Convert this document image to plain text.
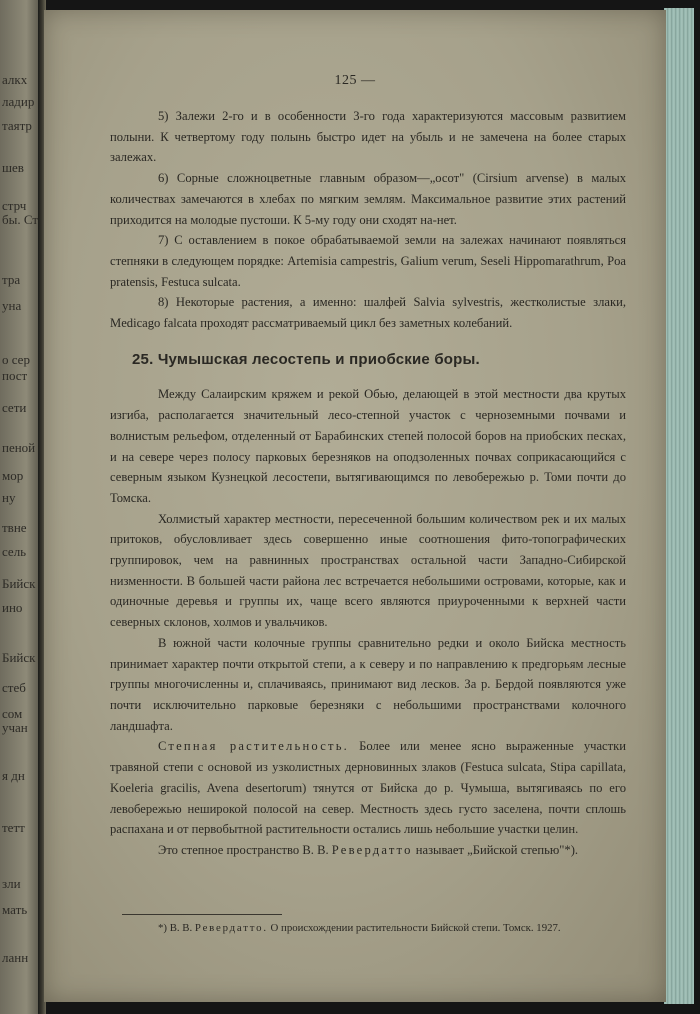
алкх
ладир
таятр
шев
стрч
бы. Ст
тра
уна
о сер
пост
сети
пеной
мор
ну
твне
сель
Бийск
ино
Бийск
стеб
сом
учан
я дн
тетт
зли
мать
ланн
125 —

5) Залежи 2-го и в особенности 3-го года характеризуются массовым развитием полыни. К четвертому году полынь быстро идет на убыль и не замечена на более старых залежах.

6) Сорные сложноцветные главным образом—„осот" (Cirsium arvense) в малых количествах замечаются в хлебах по мягким землям. Максимальное развитие этих растений приходится на молодые пустоши. К 5-му году они сходят на-нет.

7) С оставлением в покое обрабатываемой земли на залежах начинают появляться степняки в следующем порядке: Artemisia campestris, Galium verum, Seseli Hippomarathrum, Poa pratensis, Festuca sulcata.

8) Некоторые растения, а именно: шалфей Salvia sylvestris, жестколистые злаки, Medicago falcata проходят рассматриваемый цикл без заметных колебаний.

25. Чумышская лесостепь и приобские боры.

Между Салаирским кряжем и рекой Обью, делающей в этой местности два крутых изгиба, располагается значительный лесо-степной участок с черноземными почвами и волнистым рельефом, отделенный от Барабинских степей полосой боров на приобских песках, и на севере через полосу парковых березняков на оподзоленных почвах соприкасающийся с северным языком Кузнецкой лесостепи, вытягивающимся по левобережью р. Томи почти до Томска.

Холмистый характер местности, пересеченной большим количеством рек и их малых притоков, обусловливает здесь совершенно иные соотношения фито-топографических группировок, чем на равнинных пространствах остальной части Западно-Сибирской низменности. В большей части района лес встречается небольшими островами, которые, как и одиночные деревья и группы их, чаще всего являются приуроченными к верхней части северных склонов, холмов и увальчиков.

В южной части колочные группы сравнительно редки и около Бийска местность принимает характер почти открытой степи, а к северу и по направлению к предгорьям лесные группы многочисленны и, сплачиваясь, принимают вид лесков. За р. Бердой появляются уже почти исключительно парковые березняки с небольшими пространствами колочного ландшафта.

Степная растительность. Более или менее ясно выраженные участки травяной степи с основой из узколистных дерновинных злаков (Festuca sulcata, Stipa capillata, Koeleria gracilis, Avena desertorum) тянутся от Бийска до р. Чумыша, вытягиваясь по его левобережью неширокой полосой на север. Местность здесь густо заселена, почти сплошь распахана и от первобытной растительности остались лишь небольшие участки целин.

Это степное пространство В. В. Ревердатто называет „Бийской степью"*).

*) В. В. Ревердатто. О происхождении растительности Бийской степи. Томск. 1927.
